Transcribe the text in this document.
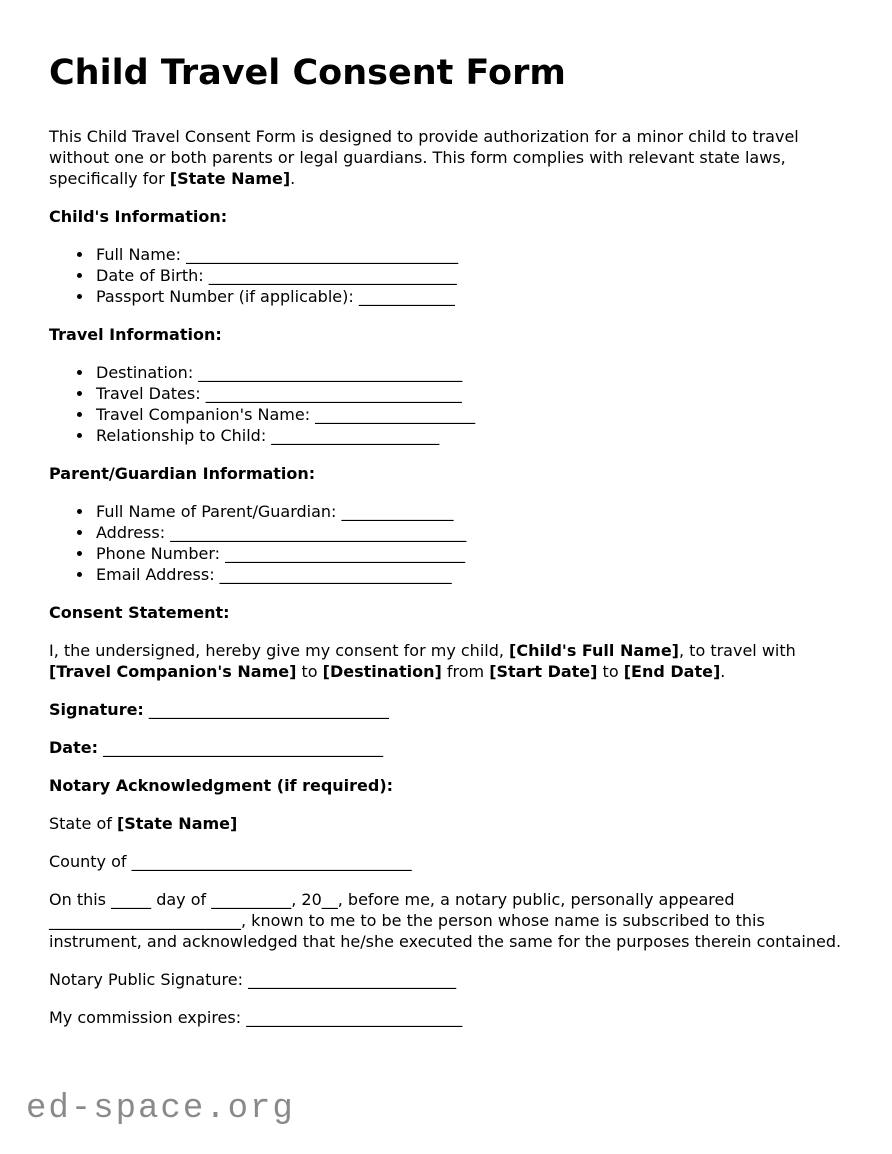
Child Travel Consent Form

This Child Travel Consent Form is designed to provide authorization for a minor child to travel without one or both parents or legal guardians. This form complies with relevant state laws, specifically for [State Name].

Child's Information:
• Full Name: __________________________________
• Date of Birth: _______________________________
• Passport Number (if applicable): ____________
Travel Information:
• Destination: _________________________________
• Travel Dates: ________________________________
• Travel Companion's Name: ____________________
• Relationship to Child: _____________________
Parent/Guardian Information:
• Full Name of Parent/Guardian: ______________
• Address: _____________________________________
• Phone Number: ______________________________
• Email Address: _____________________________
Consent Statement:

I, the undersigned, hereby give my consent for my child, [Child's Full Name], to travel with [Travel Companion's Name] to [Destination] from [Start Date] to [End Date].

Signature: ______________________________

Date: ___________________________________

Notary Acknowledgment (if required):

State of [State Name]

County of ___________________________________

On this _____ day of __________, 20__, before me, a notary public, personally appeared ________________________, known to me to be the person whose name is subscribed to this instrument, and acknowledged that he/she executed the same for the purposes therein contained.

Notary Public Signature: __________________________

My commission expires: ___________________________

ed-space.org
